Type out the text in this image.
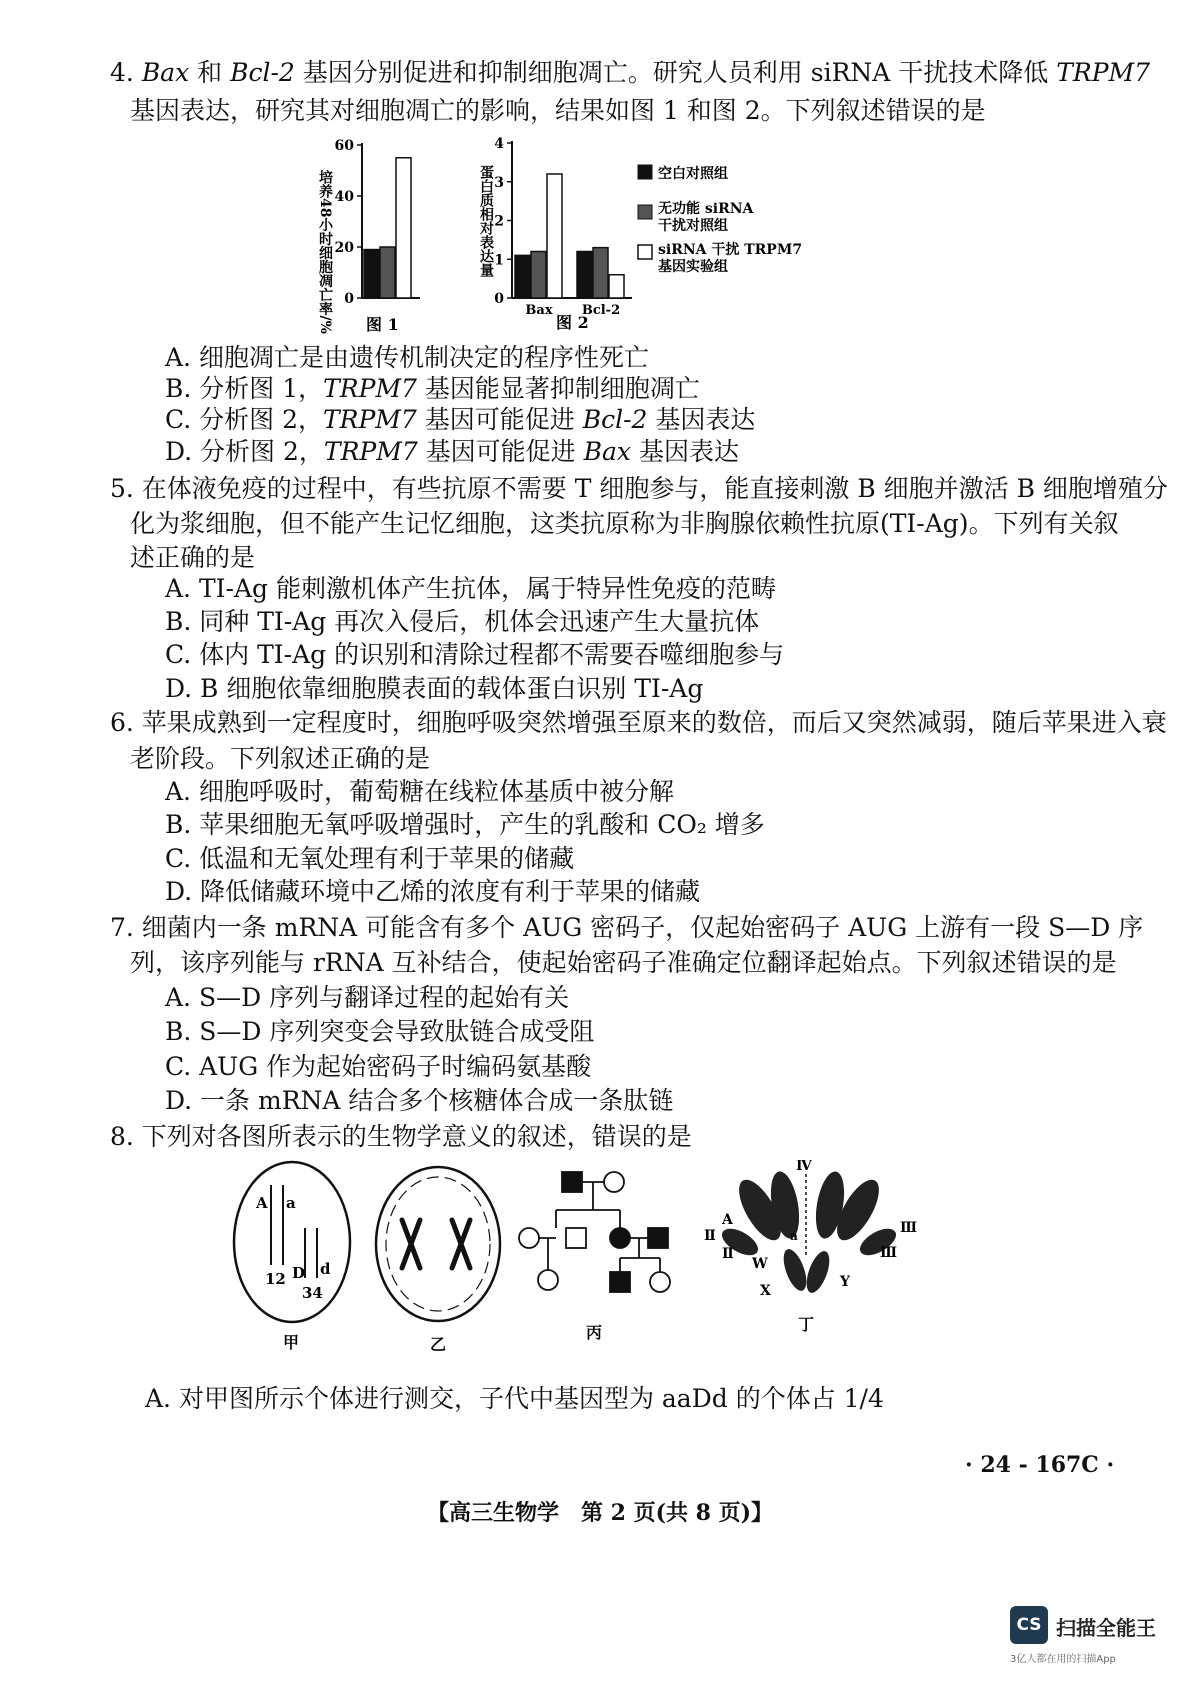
4. Bax 和 Bcl-2 基因分别促进和抑制细胞凋亡。研究人员利用 siRNA 干扰技术降低 TRPM7
基因表达，研究其对细胞凋亡的影响，结果如图 1 和图 2。下列叙述错误的是
培养48小时细胞凋亡率/% 0
20
40
60
图 1
蛋白质相对表达量
0
1
2
3
4
Bax Bcl-2
图 2
空白对照组
无功能 siRNA
干扰对照组
siRNA 干扰 TRPM7
基因实验组
A. 细胞凋亡是由遗传机制决定的程序性死亡
B. 分析图 1，TRPM7 基因能显著抑制细胞凋亡
C. 分析图 2，TRPM7 基因可能促进 Bcl-2 基因表达
D. 分析图 2，TRPM7 基因可能促进 Bax 基因表达
5. 在体液免疫的过程中，有些抗原不需要 T 细胞参与，能直接刺激 B 细胞并激活 B 细胞增殖分
化为浆细胞，但不能产生记忆细胞，这类抗原称为非胸腺依赖性抗原(TI-Ag)。下列有关叙
述正确的是
A. TI-Ag 能刺激机体产生抗体，属于特异性免疫的范畴
B. 同种 TI-Ag 再次入侵后，机体会迅速产生大量抗体
C. 体内 TI-Ag 的识别和清除过程都不需要吞噬细胞参与
D. B 细胞依靠细胞膜表面的载体蛋白识别 TI-Ag
6. 苹果成熟到一定程度时，细胞呼吸突然增强至原来的数倍，而后又突然减弱，随后苹果进入衰
老阶段。下列叙述正确的是
A. 细胞呼吸时，葡萄糖在线粒体基质中被分解
B. 苹果细胞无氧呼吸增强时，产生的乳酸和 CO₂ 增多
C. 低温和无氧处理有利于苹果的储藏
D. 降低储藏环境中乙烯的浓度有利于苹果的储藏
7. 细菌内一条 mRNA 可能含有多个 AUG 密码子，仅起始密码子 AUG 上游有一段 S—D 序
列，该序列能与 rRNA 互补结合，使起始密码子准确定位翻译起始点。下列叙述错误的是
A. S—D 序列与翻译过程的起始有关
B. S—D 序列突变会导致肽链合成受阻
C. AUG 作为起始密码子时编码氨基酸
D. 一条 mRNA 结合多个核糖体合成一条肽链
8. 下列对各图所表示的生物学意义的叙述，错误的是
A a
12 D d
34
甲	乙
丙
Ⅳ
A
a
Ⅱ
Ⅱ
Ⅲ
Ⅲ
W
X
Y
丁
A. 对甲图所示个体进行测交，子代中基因型为 aaDd 的个体占 1/4
· 24 - 167C ·
【高三生物学　第 2 页(共 8 页)】
CS 扫描全能王
3亿人都在用的扫描App
